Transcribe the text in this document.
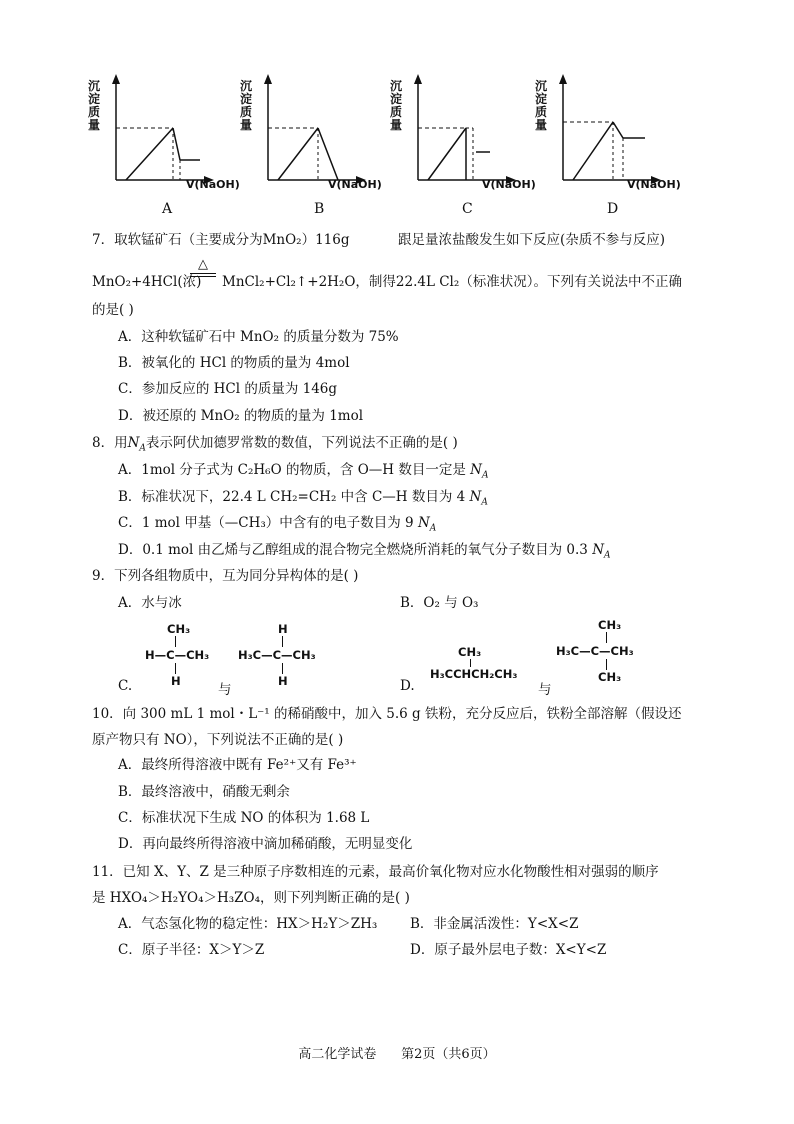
沉淀质量
V(NaOH)
A
沉淀质量
V(NaOH)
B
沉淀质量
V(NaOH)
C
沉淀质量
V(NaOH)
D
7．取软锰矿石（主要成分为MnO₂）116g	跟足量浓盐酸发生如下反应(杂质不参与反应)
MnO₂+4HCl(浓)
△
MnCl₂+Cl₂↑+2H₂O，制得22.4L Cl₂（标准状况）。下列有关说法中不正确
的是( )
A．这种软锰矿石中 MnO₂ 的质量分数为 75%
B．被氧化的 HCl 的物质的量为 4mol
C．参加反应的 HCl 的质量为 146g
D．被还原的 MnO₂ 的物质的量为 1mol
8．用$N_A$表示阿伏加德罗常数的数值，下列说法不正确的是( )
A．1mol 分子式为 C₂H₆O 的物质，含 O—H 数目一定是 $N_A$
B．标准状况下，22.4 L CH₂=CH₂ 中含 C—H 数目为 4 $N_A$
C．1 mol 甲基（—CH₃）中含有的电子数目为 9 $N_A$
D．0.1 mol 由乙烯与乙醇组成的混合物完全燃烧所消耗的氧气分子数目为 0.3 $N_A$
9．下列各组物质中，互为同分异构体的是( )
A．水与冰	B．O₂ 与 O₃
C.
CH₃
H—C—CH₃
H
与
H
H₃C—C—CH₃
H	D.
CH₃
H₃CCHCH₂CH₃
与
CH₃
H₃C—C—CH₃
CH₃
10．向 300 mL 1 mol・L⁻¹ 的稀硝酸中，加入 5.6 g 铁粉，充分反应后，铁粉全部溶解（假设还
原产物只有 NO），下列说法不正确的是( )
A．最终所得溶液中既有 Fe²⁺又有 Fe³⁺
B．最终溶液中，硝酸无剩余
C．标准状况下生成 NO 的体积为 1.68 L
D．再向最终所得溶液中滴加稀硝酸，无明显变化
11．已知 X、Y、Z 是三种原子序数相连的元素，最高价氧化物对应水化物酸性相对强弱的顺序
是 HXO₄＞H₂YO₄＞H₃ZO₄，则下列判断正确的是( )
A．气态氢化物的稳定性：HX＞H₂Y＞ZH₃ B．非金属活泼性：Y<X<Z
C．原子半径：X＞Y＞Z	D．原子最外层电子数：X<Y<Z
高二化学试卷      第2页（共6页）
